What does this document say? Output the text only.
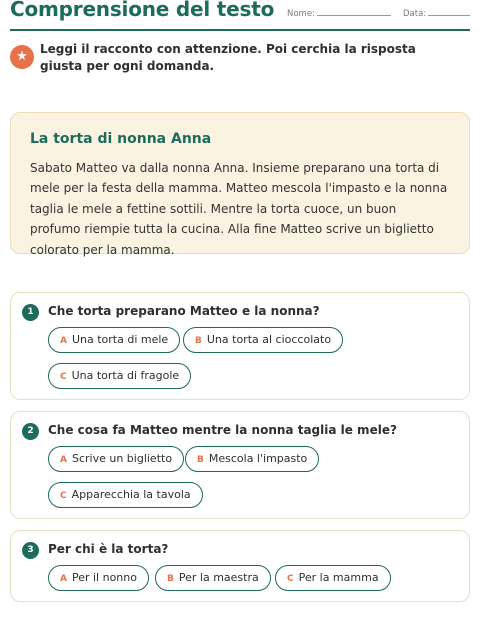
Comprensione del testo Nome:	Data:
★	Leggi il racconto con attenzione. Poi cerchia la risposta giusta per ogni domanda.
La torta di nonna Anna
Sabato Matteo va dalla nonna Anna. Insieme preparano una torta di mele per la festa della mamma. Matteo mescola l'impasto e la nonna taglia le mele a fettine sottili. Mentre la torta cuoce, un buon profumo riempie tutta la cucina. Alla fine Matteo scrive un biglietto colorato per la mamma.
1	Che torta preparano Matteo e la nonna?
A Una torta di mele	B Una torta al cioccolato
C Una torta di fragole
2	Che cosa fa Matteo mentre la nonna taglia le mele?
A Scrive un biglietto	B Mescola l'impasto
C Apparecchia la tavola
3	Per chi è la torta?
A Per il nonno	B Per la maestra	C Per la mamma
